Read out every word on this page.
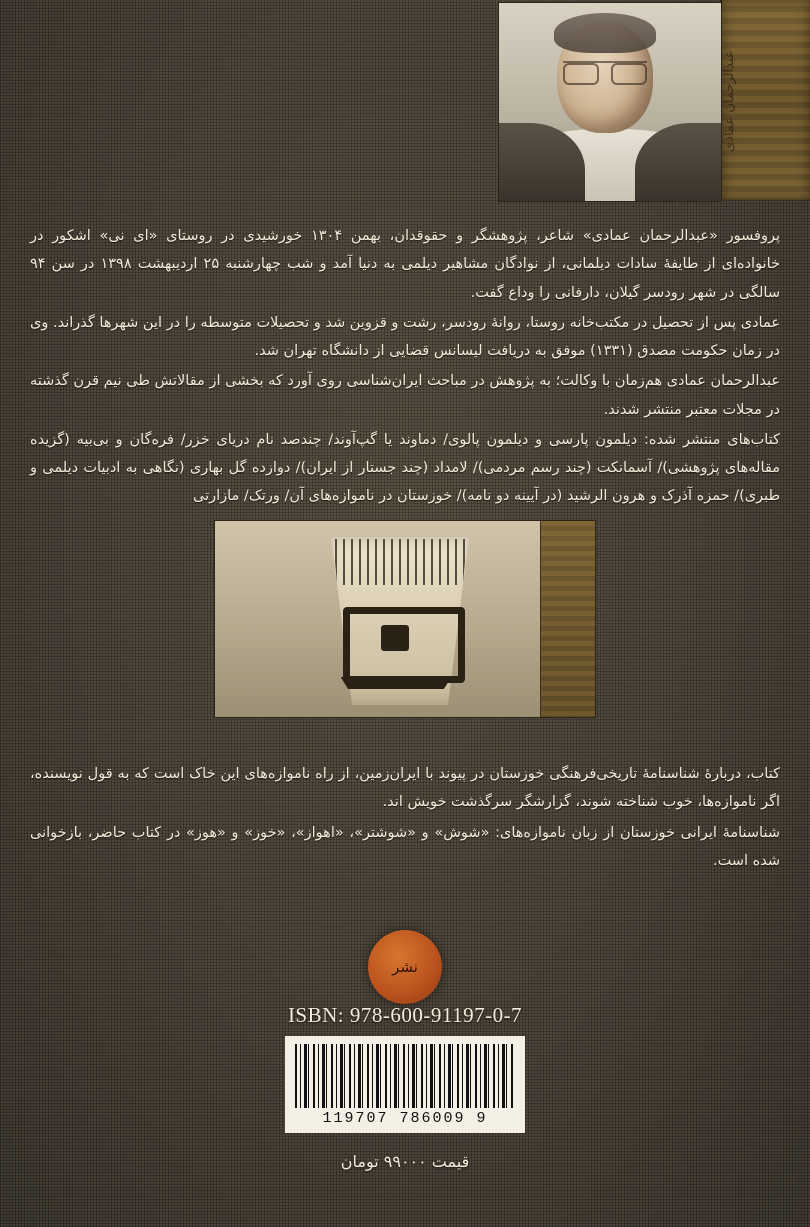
عبدالرحمان عمادی

پروفسور «عبدالرحمان عمادی» شاعر، پژوهشگر و حقوقدان، بهمن ۱۳۰۴ خورشیدی در روستای «ای نی» اشکور در خانواده‌ای از طایفهٔ سادات دیلمانی، از نوادگان مشاهیر دیلمی به دنیا آمد و شب چهارشنبه ۲۵ اردیبهشت ۱۳۹۸ در سن ۹۴ سالگی در شهر رودسر گیلان، دارفانی را وداع گفت.

عمادی پس از تحصیل در مکتب‌خانه روستا، روانهٔ رودسر، رشت و قزوین شد و تحصیلات متوسطه را در این شهرها گذراند. وی در زمان حکومت مصدق (۱۳۳۱) موفق به دریافت لیسانس قضایی از دانشگاه تهران شد.

عبدالرحمان عمادی هم‌زمان با وکالت؛ به پژوهش در مباحث ایران‌شناسی روی آورد که بخشی از مقالاتش طی نیم قرن گذشته در مجلات معتبر منتشر شدند.

کتاب‌های منتشر شده: دیلمون پارسی و دیلمون پالوی/ دماوند یا گپ‌آوند/ چندصد نام دریای خزر/ فره‌گان و بی‌بیه (گزیده مقاله‌های پژوهشی)/ آسمانکت (چند رسم مردمی)/ لامداد (چند جستار از ایران)/ دوازده گل بهاری (نگاهی به ادبیات دیلمی و طبری)/ حمزه آذرک و هرون الرشید (در آیینه دو نامه)/ خوزستان در ناموازه‌های آن/ ورتک/ مازارتی

کتاب، دربارهٔ شناسنامهٔ تاریخی‌فرهنگی خوزستان در پیوند با ایران‌زمین، از راه ناموازه‌های این خاک است که به قول نویسنده، اگر ناموازه‌ها، خوب شناخته شوند، گزارشگر سرگذشت خویش اند.

شناسنامهٔ ایرانی خوزستان از زبان ناموازه‌های: «شوش» و «شوشتر»، «اهواز»، «خوز» و «هوز» در کتاب حاضر، بازخوانی شده است.

نشر
ISBN: 978-600-91197-0-7
9 786009 119707
قیمت ۹۹۰۰۰ تومان
